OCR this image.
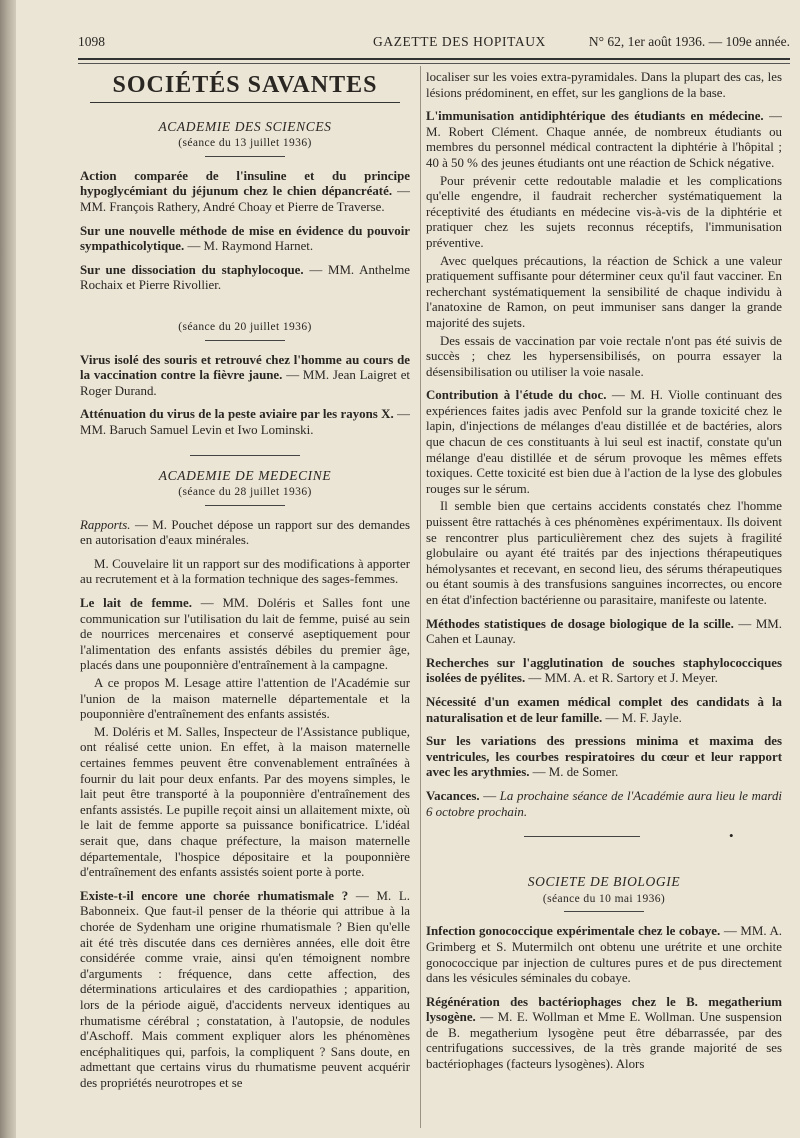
1098	GAZETTE DES HOPITAUX	N° 62, 1er août 1936. — 109e année.
SOCIÉTÉS SAVANTES
ACADEMIE DES SCIENCES
(séance du 13 juillet 1936)

Action comparée de l'insuline et du principe hypoglycémiant du jéjunum chez le chien dépancréaté. — MM. François Rathery, André Choay et Pierre de Traverse.

Sur une nouvelle méthode de mise en évidence du pouvoir sympathicolytique. — M. Raymond Harnet.

Sur une dissociation du staphylocoque. — MM. Anthelme Rochaix et Pierre Rivollier.

(séance du 20 juillet 1936)

Virus isolé des souris et retrouvé chez l'homme au cours de la vaccination contre la fièvre jaune. — MM. Jean Laigret et Roger Durand.

Atténuation du virus de la peste aviaire par les rayons X. — MM. Baruch Samuel Levin et Iwo Lominski.

ACADEMIE DE MEDECINE
(séance du 28 juillet 1936)

Rapports. — M. Pouchet dépose un rapport sur des demandes en autorisation d'eaux minérales.

M. Couvelaire lit un rapport sur des modifications à apporter au recrutement et à la formation technique des sages-femmes.

Le lait de femme. — MM. Doléris et Salles font une communication sur l'utilisation du lait de femme, puisé au sein de nourrices mercenaires et conservé aseptiquement pour l'alimentation des enfants assistés débiles du premier âge, placés dans une pouponnière d'entraînement à la campagne.

A ce propos M. Lesage attire l'attention de l'Académie sur l'union de la maison maternelle départementale et la pouponnière d'entraînement des enfants assistés.

M. Doléris et M. Salles, Inspecteur de l'Assistance publique, ont réalisé cette union. En effet, à la maison maternelle certaines femmes peuvent être convenablement entraînées à fournir du lait pour deux enfants. Par des moyens simples, le lait peut être transporté à la pouponnière d'entraînement des enfants assistés. Le pupille reçoit ainsi un allaitement mixte, où le lait de femme apporte sa puissance bonificatrice. L'idéal serait que, dans chaque préfecture, la maison maternelle départementale, l'hospice dépositaire et la pouponnière d'entraînement des enfants assistés soient porte à porte.

Existe-t-il encore une chorée rhumatismale ? — M. L. Babonneix. Que faut-il penser de la théorie qui attribue à la chorée de Sydenham une origine rhumatismale ? Bien qu'elle ait été très discutée dans ces dernières années, elle doit être considérée comme vraie, ainsi qu'en témoignent nombre d'arguments : fréquence, dans cette affection, des déterminations articulaires et des cardiopathies ; apparition, lors de la période aiguë, d'accidents nerveux identiques au rhumatisme cérébral ; constatation, à l'autopsie, de nodules d'Aschoff. Mais comment expliquer alors les phénomènes encéphalitiques qui, parfois, la compliquent ? Sans doute, en admettant que certains virus du rhumatisme peuvent acquérir des propriétés neurotropes et se

localiser sur les voies extra-pyramidales. Dans la plupart des cas, les lésions prédominent, en effet, sur les ganglions de la base.

L'immunisation antidiphtérique des étudiants en médecine. — M. Robert Clément. Chaque année, de nombreux étudiants ou membres du personnel médical contractent la diphtérie à l'hôpital ; 40 à 50 % des jeunes étudiants ont une réaction de Schick négative.

Pour prévenir cette redoutable maladie et les complications qu'elle engendre, il faudrait rechercher systématiquement la réceptivité des étudiants en médecine vis-à-vis de la diphtérie et pratiquer chez les sujets reconnus réceptifs, l'immunisation préventive.

Avec quelques précautions, la réaction de Schick a une valeur pratiquement suffisante pour déterminer ceux qu'il faut vacciner. En recherchant systématiquement la sensibilité de chaque individu à l'anatoxine de Ramon, on peut immuniser sans danger la grande majorité des sujets.

Des essais de vaccination par voie rectale n'ont pas été suivis de succès ; chez les hypersensibilisés, on pourra essayer la désensibilisation ou utiliser la voie nasale.

Contribution à l'étude du choc. — M. H. Violle continuant des expériences faites jadis avec Penfold sur la grande toxicité chez le lapin, d'injections de mélanges d'eau distillée et de bactéries, alors que chacun de ces constituants à lui seul est inactif, constate qu'un mélange d'eau distillée et de sérum provoque les mêmes effets toxiques. Cette toxicité est bien due à l'action de la lyse des globules rouges sur le sérum.

Il semble bien que certains accidents constatés chez l'homme puissent être rattachés à ces phénomènes expérimentaux. Ils doivent se rencontrer plus particulièrement chez des sujets à fragilité globulaire ou ayant été traités par des injections thérapeutiques hémolysantes et recevant, en second lieu, des sérums thérapeutiques ou étant soumis à des transfusions sanguines incorrectes, ou encore en état d'infection bactérienne ou parasitaire, manifeste ou latente.

Méthodes statistiques de dosage biologique de la scille. — MM. Cahen et Launay.

Recherches sur l'agglutination de souches staphylococciques isolées de pyélites. — MM. A. et R. Sartory et J. Meyer.

Nécessité d'un examen médical complet des candidats à la naturalisation et de leur famille. — M. F. Jayle.

Sur les variations des pressions minima et maxima des ventricules, les courbes respiratoires du cœur et leur rapport avec les arythmies. — M. de Somer.

Vacances. — La prochaine séance de l'Académie aura lieu le mardi 6 octobre prochain.

•
SOCIETE DE BIOLOGIE
(séance du 10 mai 1936)

Infection gonococcique expérimentale chez le cobaye. — MM. A. Grimberg et S. Mutermilch ont obtenu une urétrite et une orchite gonococcique par injection de cultures pures et de pus directement dans les vésicules séminales du cobaye.

Régénération des bactériophages chez le B. megatherium lysogène. — M. E. Wollman et Mme E. Wollman. Une suspension de B. megatherium lysogène peut être débarrassée, par des centrifugations successives, de la très grande majorité de ses bactériophages (facteurs lysogènes). Alors
